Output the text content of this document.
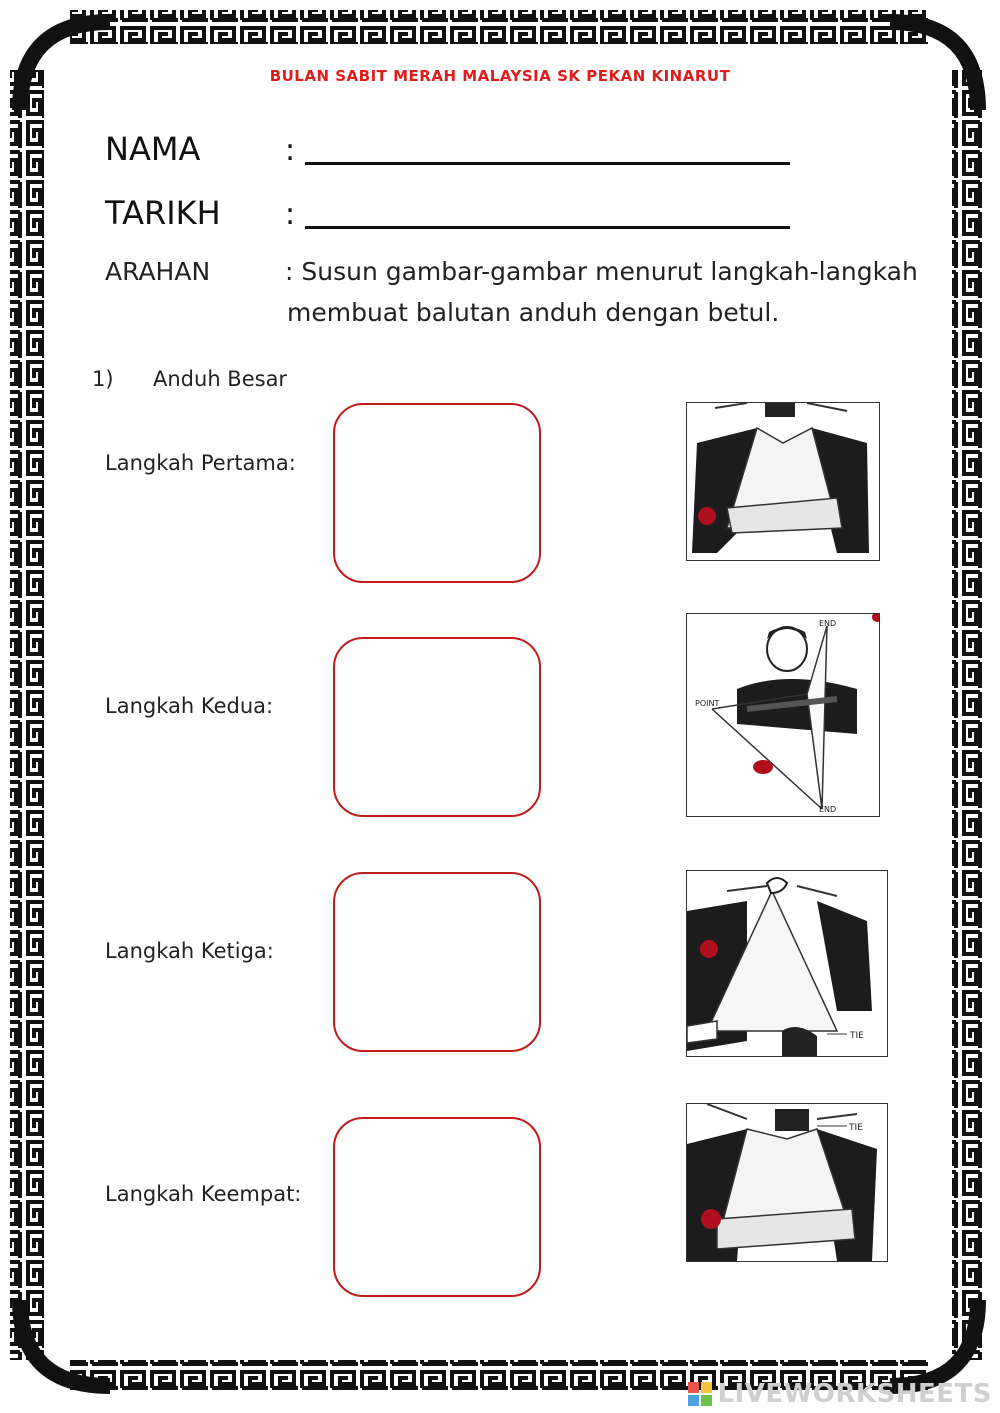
BULAN SABIT MERAH MALAYSIA SK PEKAN KINARUT
NAMA	:
TARIKH :
ARAHAN	: Susun gambar-gambar menurut langkah-langkah
membuat balutan anduh dengan betul.
1) Anduh Besar
Langkah Pertama:
Langkah Kedua:
Langkah Ketiga:
Langkah Keempat:
END
POINT
END
TIE
TIE
LIVEWORKSHEETS
